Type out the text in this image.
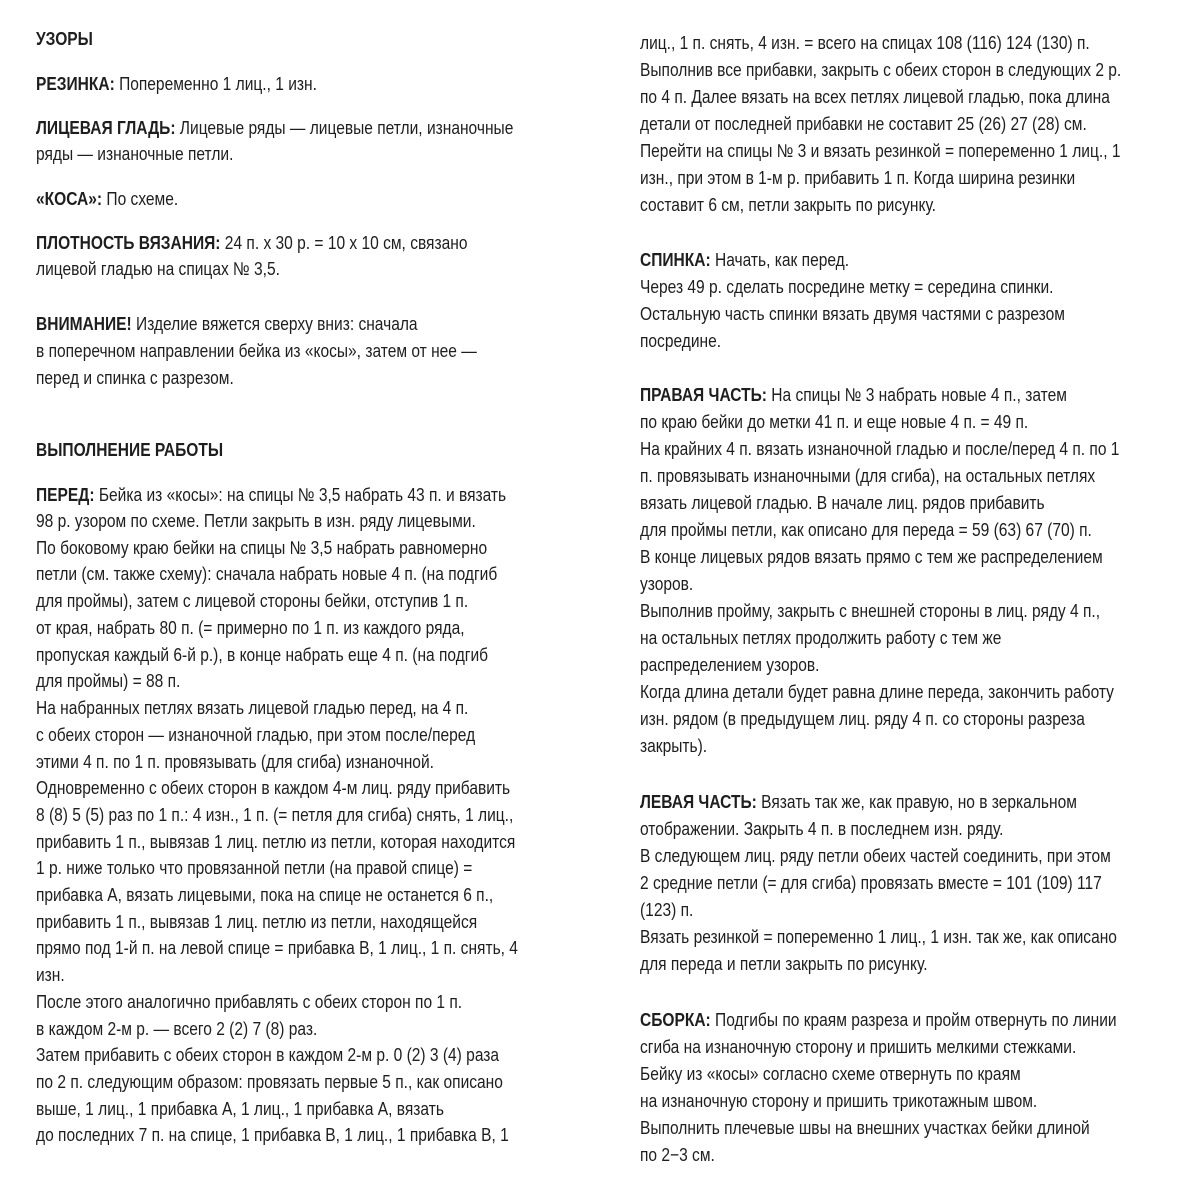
УЗОРЫ
РЕЗИНКА: Попеременно 1 лиц., 1 изн.
ЛИЦЕВАЯ ГЛАДЬ: Лицевые ряды — лицевые петли, изнаночные
ряды — изнаночные петли.
«КОСА»: По схеме.
ПЛОТНОСТЬ ВЯЗАНИЯ: 24 п. x 30 р. = 10 x 10 см, связано
лицевой гладью на спицах № 3,5.
ВНИМАНИЕ! Изделие вяжется сверху вниз: сначала
в поперечном направлении бейка из «косы», затем от нее —
перед и спинка с разрезом.
ВЫПОЛНЕНИЕ РАБОТЫ
ПЕРЕД: Бейка из «косы»: на спицы № 3,5 набрать 43 п. и вязать
98 р. узором по схеме. Петли закрыть в изн. ряду лицевыми.
По боковому краю бейки на спицы № 3,5 набрать равномерно
петли (см. также схему): сначала набрать новые 4 п. (на подгиб
для проймы), затем с лицевой стороны бейки, отступив 1 п.
от края, набрать 80 п. (= примерно по 1 п. из каждого ряда,
пропуская каждый 6-й р.), в конце набрать еще 4 п. (на подгиб
для проймы) = 88 п.
На набранных петлях вязать лицевой гладью перед, на 4 п.
с обеих сторон — изнаночной гладью, при этом после/перед
этими 4 п. по 1 п. провязывать (для сгиба) изнаночной.
Одновременно с обеих сторон в каждом 4-м лиц. ряду прибавить
8 (8) 5 (5) раз по 1 п.: 4 изн., 1 п. (= петля для сгиба) снять, 1 лиц.,
прибавить 1 п., вывязав 1 лиц. петлю из петли, которая находится
1 р. ниже только что провязанной петли (на правой спице) =
прибавка А, вязать лицевыми, пока на спице не останется 6 п.,
прибавить 1 п., вывязав 1 лиц. петлю из петли, находящейся
прямо под 1-й п. на левой спице = прибавка В, 1 лиц., 1 п. снять, 4
изн.
После этого аналогично прибавлять с обеих сторон по 1 п.
в каждом 2-м р. — всего 2 (2) 7 (8) раз.
Затем прибавить с обеих сторон в каждом 2-м р. 0 (2) 3 (4) раза
по 2 п. следующим образом: провязать первые 5 п., как описано
выше, 1 лиц., 1 прибавка А, 1 лиц., 1 прибавка А, вязать
до последних 7 п. на спице, 1 прибавка В, 1 лиц., 1 прибавка В, 1
лиц., 1 п. снять, 4 изн. = всего на спицах 108 (116) 124 (130) п.
Выполнив все прибавки, закрыть с обеих сторон в следующих 2 р.
по 4 п. Далее вязать на всех петлях лицевой гладью, пока длина
детали от последней прибавки не составит 25 (26) 27 (28) см.
Перейти на спицы № 3 и вязать резинкой = попеременно 1 лиц., 1
изн., при этом в 1-м р. прибавить 1 п. Когда ширина резинки
составит 6 см, петли закрыть по рисунку.
СПИНКА: Начать, как перед.
Через 49 р. сделать посредине метку = середина спинки.
Остальную часть спинки вязать двумя частями с разрезом
посредине.
ПРАВАЯ ЧАСТЬ: На спицы № 3 набрать новые 4 п., затем
по краю бейки до метки 41 п. и еще новые 4 п. = 49 п.
На крайних 4 п. вязать изнаночной гладью и после/перед 4 п. по 1
п. провязывать изнаночными (для сгиба), на остальных петлях
вязать лицевой гладью. В начале лиц. рядов прибавить
для проймы петли, как описано для переда = 59 (63) 67 (70) п.
В конце лицевых рядов вязать прямо с тем же распределением
узоров.
Выполнив пройму, закрыть с внешней стороны в лиц. ряду 4 п.,
на остальных петлях продолжить работу с тем же
распределением узоров.
Когда длина детали будет равна длине переда, закончить работу
изн. рядом (в предыдущем лиц. ряду 4 п. со стороны разреза
закрыть).
ЛЕВАЯ ЧАСТЬ: Вязать так же, как правую, но в зеркальном
отображении. Закрыть 4 п. в последнем изн. ряду.
В следующем лиц. ряду петли обеих частей соединить, при этом
2 средние петли (= для сгиба) провязать вместе = 101 (109) 117
(123) п.
Вязать резинкой = попеременно 1 лиц., 1 изн. так же, как описано
для переда и петли закрыть по рисунку.
СБОРКА: Подгибы по краям разреза и пройм отвернуть по линии
сгиба на изнаночную сторону и пришить мелкими стежками.
Бейку из «косы» согласно схеме отвернуть по краям
на изнаночную сторону и пришить трикотажным швом.
Выполнить плечевые швы на внешних участках бейки длиной
по 2−3 см.
